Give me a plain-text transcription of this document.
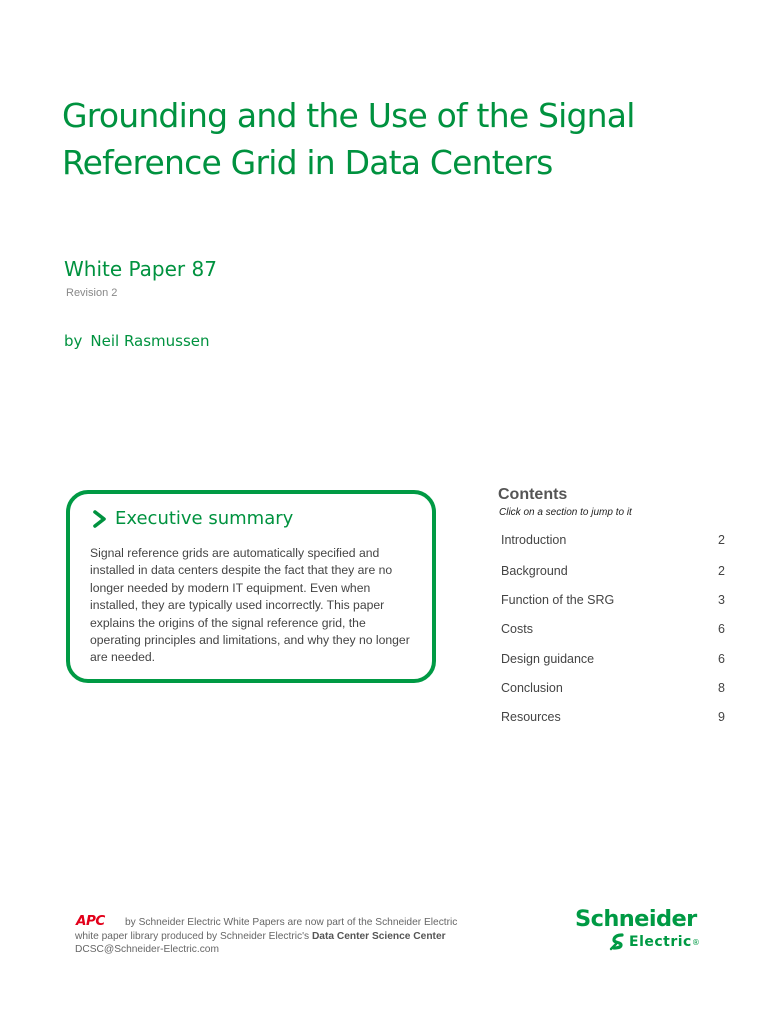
Grounding and the Use of the Signal
Reference Grid in Data Centers
White Paper 87
Revision 2
by Neil Rasmussen
Executive summary

Signal reference grids are automatically specified and installed in data centers despite the fact that they are no longer needed by modern IT equipment. Even when installed, they are typically used incorrectly. This paper explains the origins of the signal reference grid, the operating principles and limitations, and why they no longer are needed.

Contents
Click on a section to jump to it
Introduction	2
Background	2
Function of the SRG	3
Costs	6
Design guidance	6
Conclusion	8
Resources	9
APC by Schneider Electric White Papers are now part of the Schneider Electric
white paper library produced by Schneider Electric's Data Center Science Center
DCSC@Schneider-Electric.com
Schneider
Electric ®
